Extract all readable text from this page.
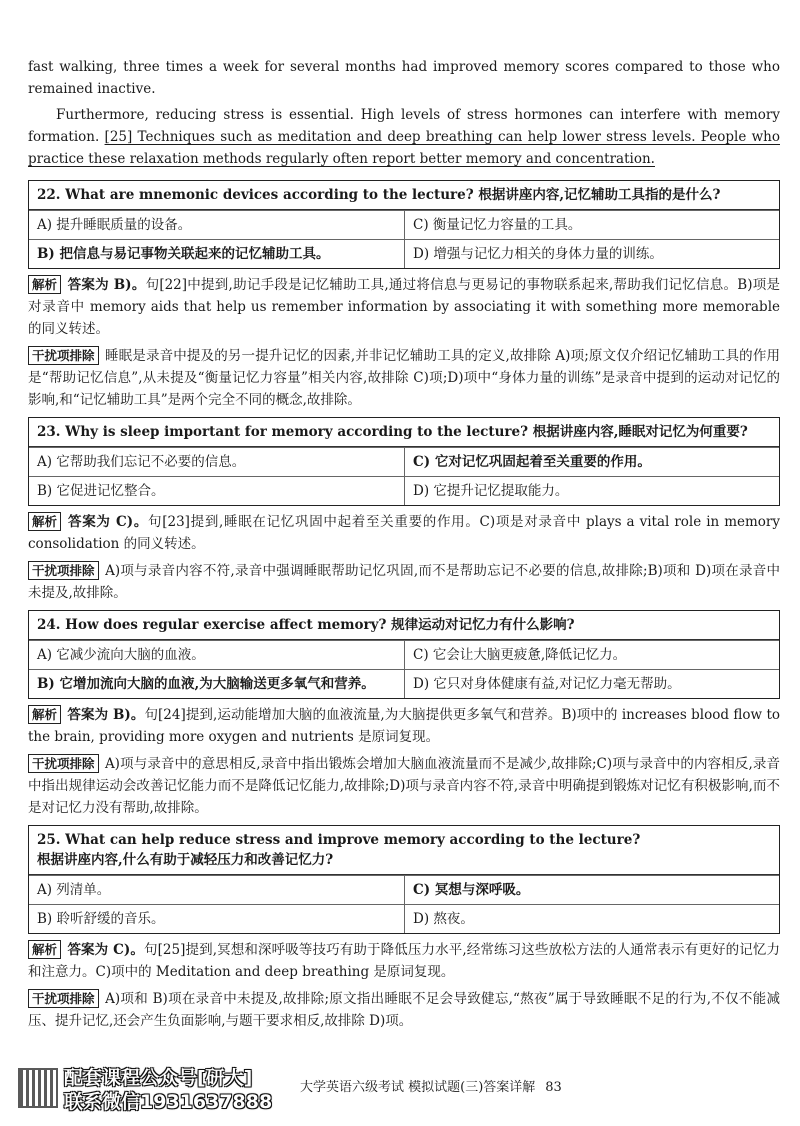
fast walking, three times a week for several months had improved memory scores compared to those who remained inactive.

Furthermore, reducing stress is essential. High levels of stress hormones can interfere with memory formation. [25] Techniques such as meditation and deep breathing can help lower stress levels. People who practice these relaxation methods regularly often report better memory and concentration.

22. What are mnemonic devices according to the lecture? 根据讲座内容,记忆辅助工具指的是什么?
A) 提升睡眠质量的设备。	C) 衡量记忆力容量的工具。
B) 把信息与易记事物关联起来的记忆辅助工具。	D) 增强与记忆力相关的身体力量的训练。

解析 答案为 B)。句[22]中提到,助记手段是记忆辅助工具,通过将信息与更易记的事物联系起来,帮助我们记忆信息。B)项是对录音中 memory aids that help us remember information by associating it with something more memorable 的同义转述。

干扰项排除 睡眠是录音中提及的另一提升记忆的因素,并非记忆辅助工具的定义,故排除 A)项;原文仅介绍记忆辅助工具的作用是“帮助记忆信息”,从未提及“衡量记忆力容量”相关内容,故排除 C)项;D)项中“身体力量的训练”是录音中提到的运动对记忆的影响,和“记忆辅助工具”是两个完全不同的概念,故排除。

23. Why is sleep important for memory according to the lecture? 根据讲座内容,睡眠对记忆为何重要?
A) 它帮助我们忘记不必要的信息。	C) 它对记忆巩固起着至关重要的作用。
B) 它促进记忆整合。	D) 它提升记忆提取能力。

解析 答案为 C)。句[23]提到,睡眠在记忆巩固中起着至关重要的作用。C)项是对录音中 plays a vital role in memory consolidation 的同义转述。

干扰项排除 A)项与录音内容不符,录音中强调睡眠帮助记忆巩固,而不是帮助忘记不必要的信息,故排除;B)项和 D)项在录音中未提及,故排除。

24. How does regular exercise affect memory? 规律运动对记忆力有什么影响?
A) 它减少流向大脑的血液。	C) 它会让大脑更疲惫,降低记忆力。
B) 它增加流向大脑的血液,为大脑输送更多氧气和营养。	D) 它只对身体健康有益,对记忆力毫无帮助。

解析 答案为 B)。句[24]提到,运动能增加大脑的血液流量,为大脑提供更多氧气和营养。B)项中的 increases blood flow to the brain, providing more oxygen and nutrients 是原词复现。

干扰项排除 A)项与录音中的意思相反,录音中指出锻炼会增加大脑血液流量而不是减少,故排除;C)项与录音中的内容相反,录音中指出规律运动会改善记忆能力而不是降低记忆能力,故排除;D)项与录音内容不符,录音中明确提到锻炼对记忆有积极影响,而不是对记忆力没有帮助,故排除。

25. What can help reduce stress and improve memory according to the lecture?
根据讲座内容,什么有助于减轻压力和改善记忆力?
A) 列清单。	C) 冥想与深呼吸。
B) 聆听舒缓的音乐。	D) 熬夜。

解析 答案为 C)。句[25]提到,冥想和深呼吸等技巧有助于降低压力水平,经常练习这些放松方法的人通常表示有更好的记忆力和注意力。C)项中的 Meditation and deep breathing 是原词复现。

干扰项排除 A)项和 B)项在录音中未提及,故排除;原文指出睡眠不足会导致健忘,“熬夜”属于导致睡眠不足的行为,不仅不能减压、提升记忆,还会产生负面影响,与题干要求相反,故排除 D)项。

配套课程公众号[研大]
联系微信1931637888
大学英语六级考试 模拟试题(三)答案详解 83
